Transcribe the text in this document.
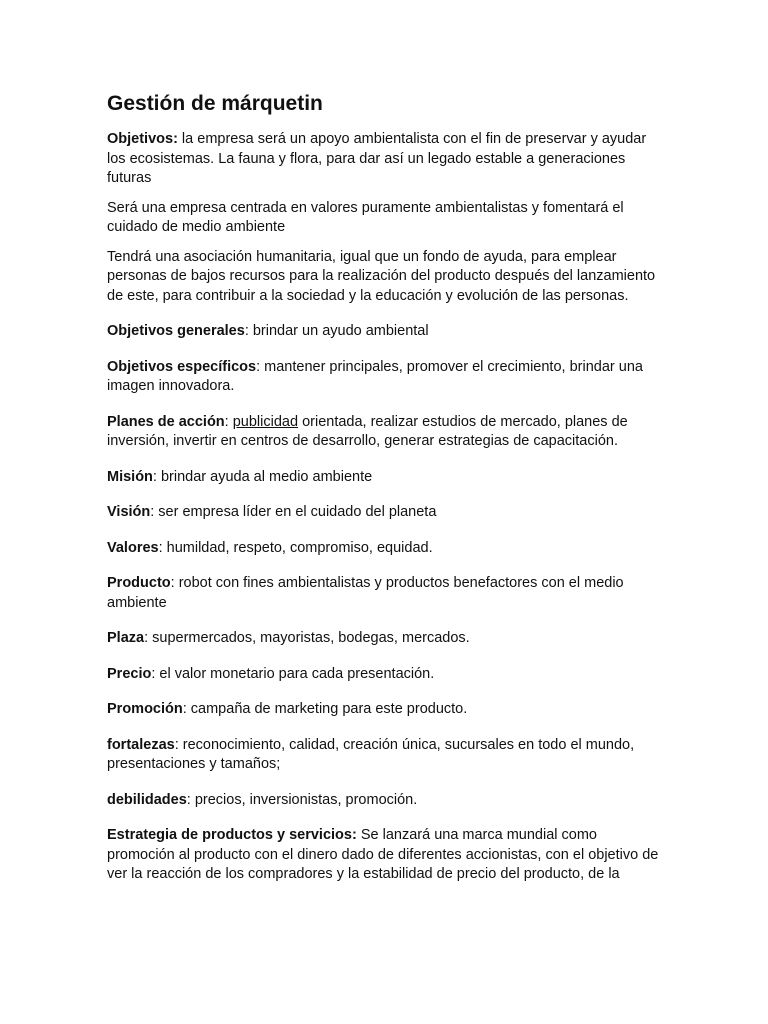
Gestión de márquetin

Objetivos: la empresa será un apoyo ambientalista con el fin de preservar y ayudar los ecosistemas. La fauna y flora, para dar así un legado estable a generaciones futuras

Será una empresa centrada en valores puramente ambientalistas y fomentará el cuidado de medio ambiente

Tendrá una asociación humanitaria, igual que un fondo de ayuda, para emplear personas de bajos recursos para la realización del producto después del lanzamiento de este, para contribuir a la sociedad y la educación y evolución de las personas.

Objetivos generales: brindar un ayudo ambiental

Objetivos específicos: mantener principales, promover el crecimiento, brindar una imagen innovadora.

Planes de acción: publicidad orientada, realizar estudios de mercado, planes de inversión, invertir en centros de desarrollo, generar estrategias de capacitación.

Misión: brindar ayuda al medio ambiente

Visión: ser empresa líder en el cuidado del planeta

Valores: humildad, respeto, compromiso, equidad.

Producto: robot con fines ambientalistas y productos benefactores con el medio ambiente

Plaza: supermercados, mayoristas, bodegas, mercados.

Precio: el valor monetario para cada presentación.

Promoción: campaña de marketing para este producto.

fortalezas: reconocimiento, calidad, creación única, sucursales en todo el mundo, presentaciones y tamaños;

debilidades: precios, inversionistas, promoción.

Estrategia de productos y servicios: Se lanzará una marca mundial como promoción al producto con el dinero dado de diferentes accionistas, con el objetivo de ver la reacción de los compradores y la estabilidad de precio del producto, de la
